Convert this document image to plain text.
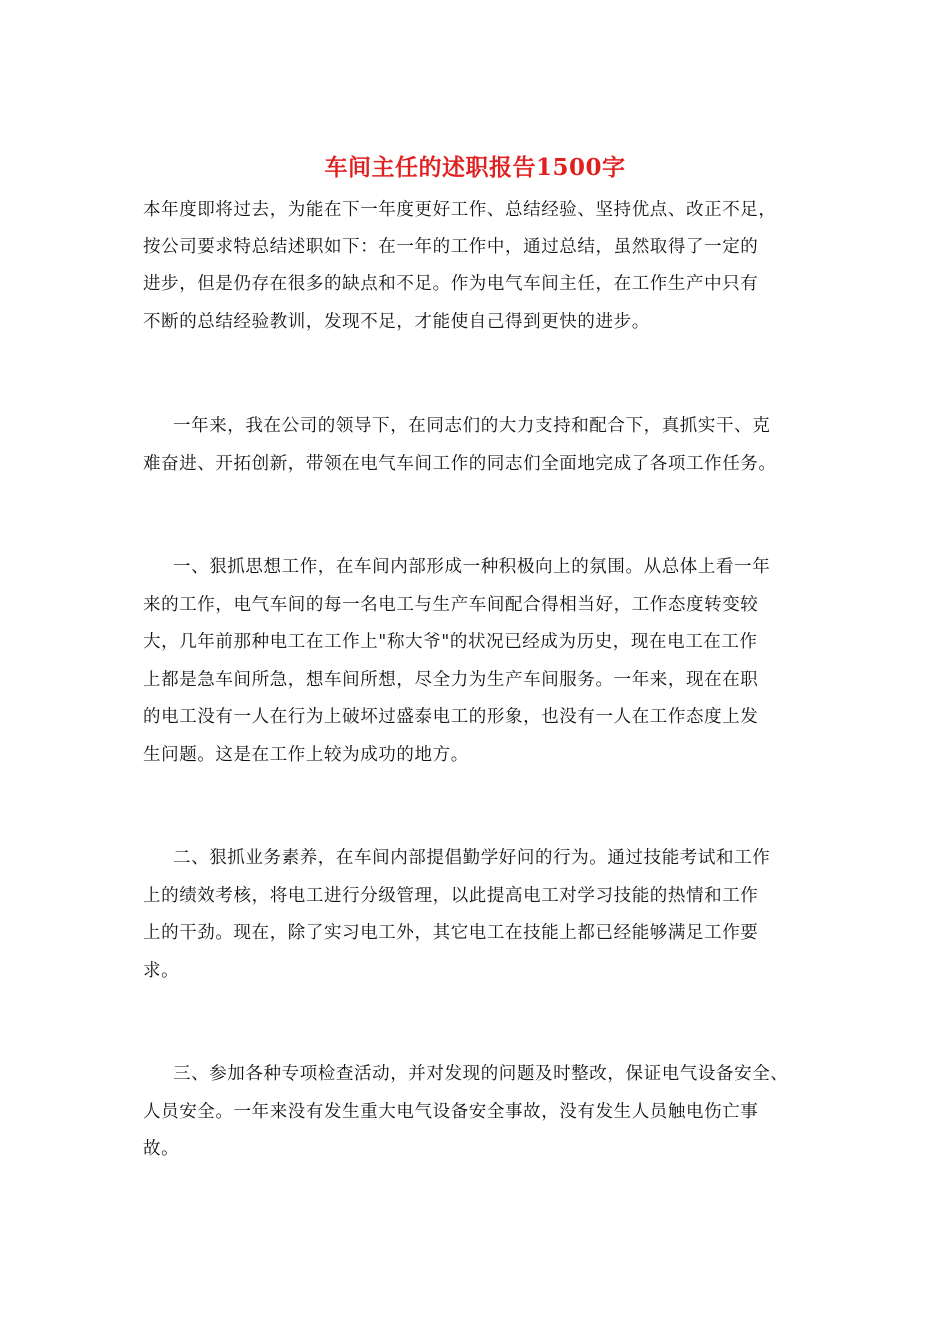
车间主任的述职报告1500字
本年度即将过去，为能在下一年度更好工作、总结经验、坚持优点、改正不足，
按公司要求特总结述职如下：在一年的工作中，通过总结，虽然取得了一定的
进步，但是仍存在很多的缺点和不足。作为电气车间主任，在工作生产中只有
不断的总结经验教训，发现不足，才能使自己得到更快的进步。
一年来，我在公司的领导下，在同志们的大力支持和配合下，真抓实干、克
难奋进、开拓创新，带领在电气车间工作的同志们全面地完成了各项工作任务。
一、狠抓思想工作，在车间内部形成一种积极向上的氛围。从总体上看一年
来的工作，电气车间的每一名电工与生产车间配合得相当好，工作态度转变较
大，几年前那种电工在工作上"称大爷"的状况已经成为历史，现在电工在工作
上都是急车间所急，想车间所想，尽全力为生产车间服务。一年来，现在在职
的电工没有一人在行为上破坏过盛泰电工的形象，也没有一人在工作态度上发
生问题。这是在工作上较为成功的地方。
二、狠抓业务素养，在车间内部提倡勤学好问的行为。通过技能考试和工作
上的绩效考核，将电工进行分级管理，以此提高电工对学习技能的热情和工作
上的干劲。现在，除了实习电工外，其它电工在技能上都已经能够满足工作要
求。
三、参加各种专项检查活动，并对发现的问题及时整改，保证电气设备安全、
人员安全。一年来没有发生重大电气设备安全事故，没有发生人员触电伤亡事
故。
